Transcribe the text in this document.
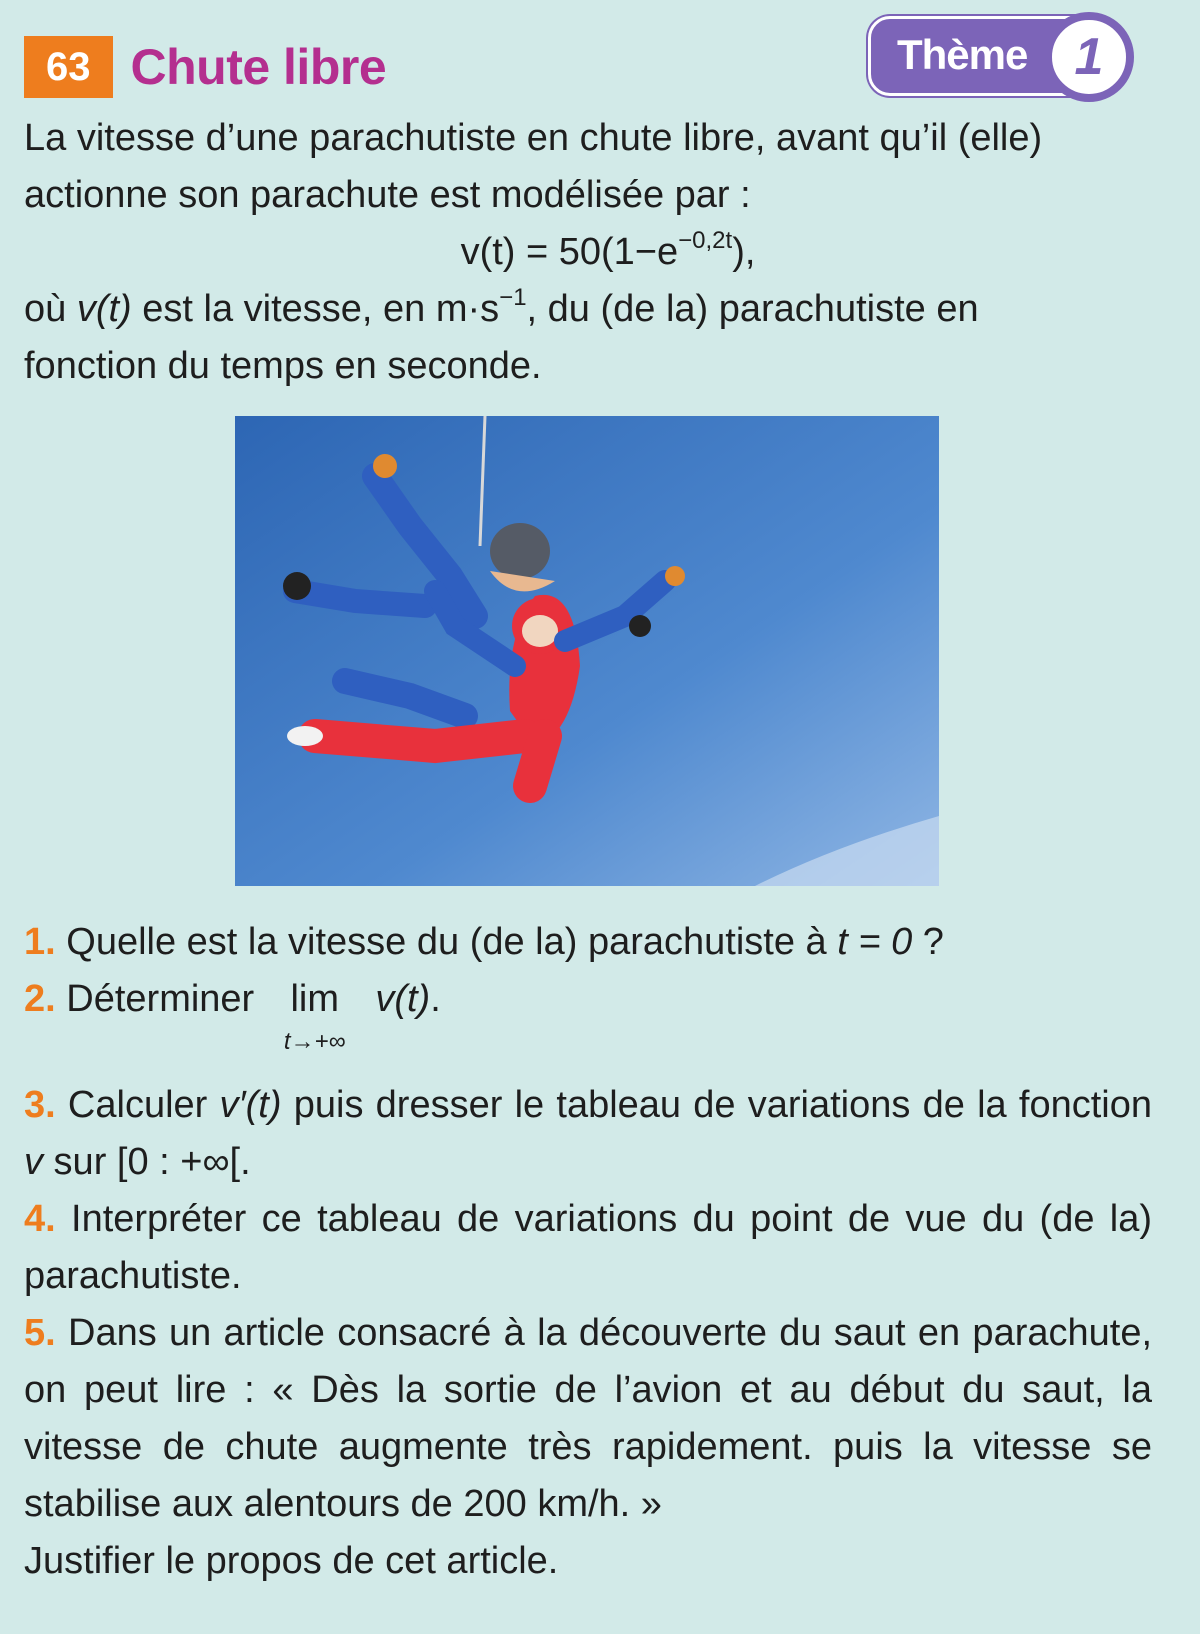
63 Chute libre	Thème 1
La vitesse d’une parachutiste en chute libre, avant qu’il (elle)
actionne son parachute est modélisée par :
$v(t) = 50(1-e^{-0,2t})$,
où v(t) est la vitesse, en $m\cdot s^{-1}$, du (de la) parachutiste en
fonction du temps en seconde.
1. Quelle est la vitesse du (de la) parachutiste à t = 0 ?
2. Déterminer lim
t→+∞
v(t).
3. Calculer v′(t) puis dresser le tableau de variations de la fonction v sur [0 : +∞[.
4. Interpréter ce tableau de variations du point de vue du (de la) parachutiste.
5. Dans un article consacré à la découverte du saut en parachute, on peut lire : « Dès la sortie de l’avion et au début du saut, la vitesse de chute augmente très rapidement. puis la vitesse se stabilise aux alentours de 200 km/h. »
Justifier le propos de cet article.
